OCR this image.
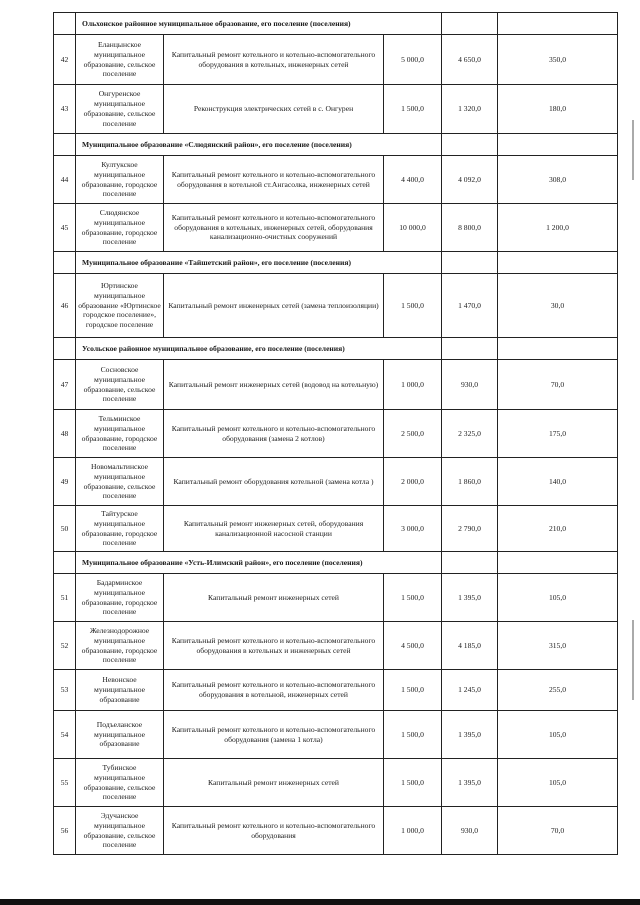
	Ольхонское районное муниципальное образование, его поселение (поселения)					
42	Еланцынское муниципальное образование, сельское поселение	Капитальный ремонт котельного и котельно-вспомогательного оборудования в котельных, инженерных сетей	5 000,0	4 650,0	350,0	
43	Онгуренское муниципальное образование, сельское поселение	Реконструкция электрических сетей в с. Онгурен	1 500,0	1 320,0	180,0	
	Муниципальное образование «Слюдянский район», его поселение (поселения)					
44	Култукское муниципальное образование, городское поселение	Капитальный ремонт котельного и котельно-вспомогательного оборудования в котельной ст.Ангасолка, инженерных сетей	4 400,0	4 092,0	308,0	
45	Слюдянское муниципальное образование, городское поселение	Капитальный ремонт котельного и котельно-вспомогательного оборудования в котельных, инженерных сетей, оборудования канализационно-очистных сооружений	10 000,0	8 800,0	1 200,0	
	Муниципальное образование «Тайшетский район», его поселение (поселения)					
46	Юртинское муниципальное образование «Юртинское городское поселение», городское поселение	Капитальный ремонт инженерных сетей (замена теплоизоляции)	1 500,0	1 470,0	30,0	
	Усольское районное муниципальное образование, его поселение (поселения)					
47	Сосновское муниципальное образование, сельское поселение	Капитальный ремонт инженерных сетей (водовод на котельную)	1 000,0	930,0	70,0	
48	Тельминское муниципальное образование, городское поселение	Капитальный ремонт котельного и котельно-вспомогательного оборудования (замена 2 котлов)	2 500,0	2 325,0	175,0	
49	Новомальтинское муниципальное образование, сельское поселение	Капитальный ремонт оборудования котельной (замена котла )	2 000,0	1 860,0	140,0	
50	Тайтурское муниципальное образование, городское поселение	Капитальный ремонт инженерных сетей, оборудования канализационной насосной станции	3 000,0	2 790,0	210,0	
	Муниципальное образование «Усть-Илимский район», его поселение (поселения)					
51	Бадарминское муниципальное образование, городское поселение	Капитальный ремонт инженерных сетей	1 500,0	1 395,0	105,0	
52	Железнодорожное муниципальное образование, городское поселение	Капитальный ремонт котельного и котельно-вспомогательного оборудования в котельных и инженерных сетей	4 500,0	4 185,0	315,0	
53	Невонское муниципальное образование	Капитальный ремонт котельного и котельно-вспомогательного оборудования в котельной, инженерных сетей	1 500,0	1 245,0	255,0	
54	Подъеланское муниципальное образование	Капитальный ремонт котельного и котельно-вспомогательного оборудования (замена 1 котла)	1 500,0	1 395,0	105,0	
55	Тубинское муниципальное образование, сельское поселение	Капитальный ремонт инженерных сетей	1 500,0	1 395,0	105,0	
56	Эдучанское муниципальное образование, сельское поселение	Капитальный ремонт котельного и котельно-вспомогательного оборудования	1 000,0	930,0	70,0	
